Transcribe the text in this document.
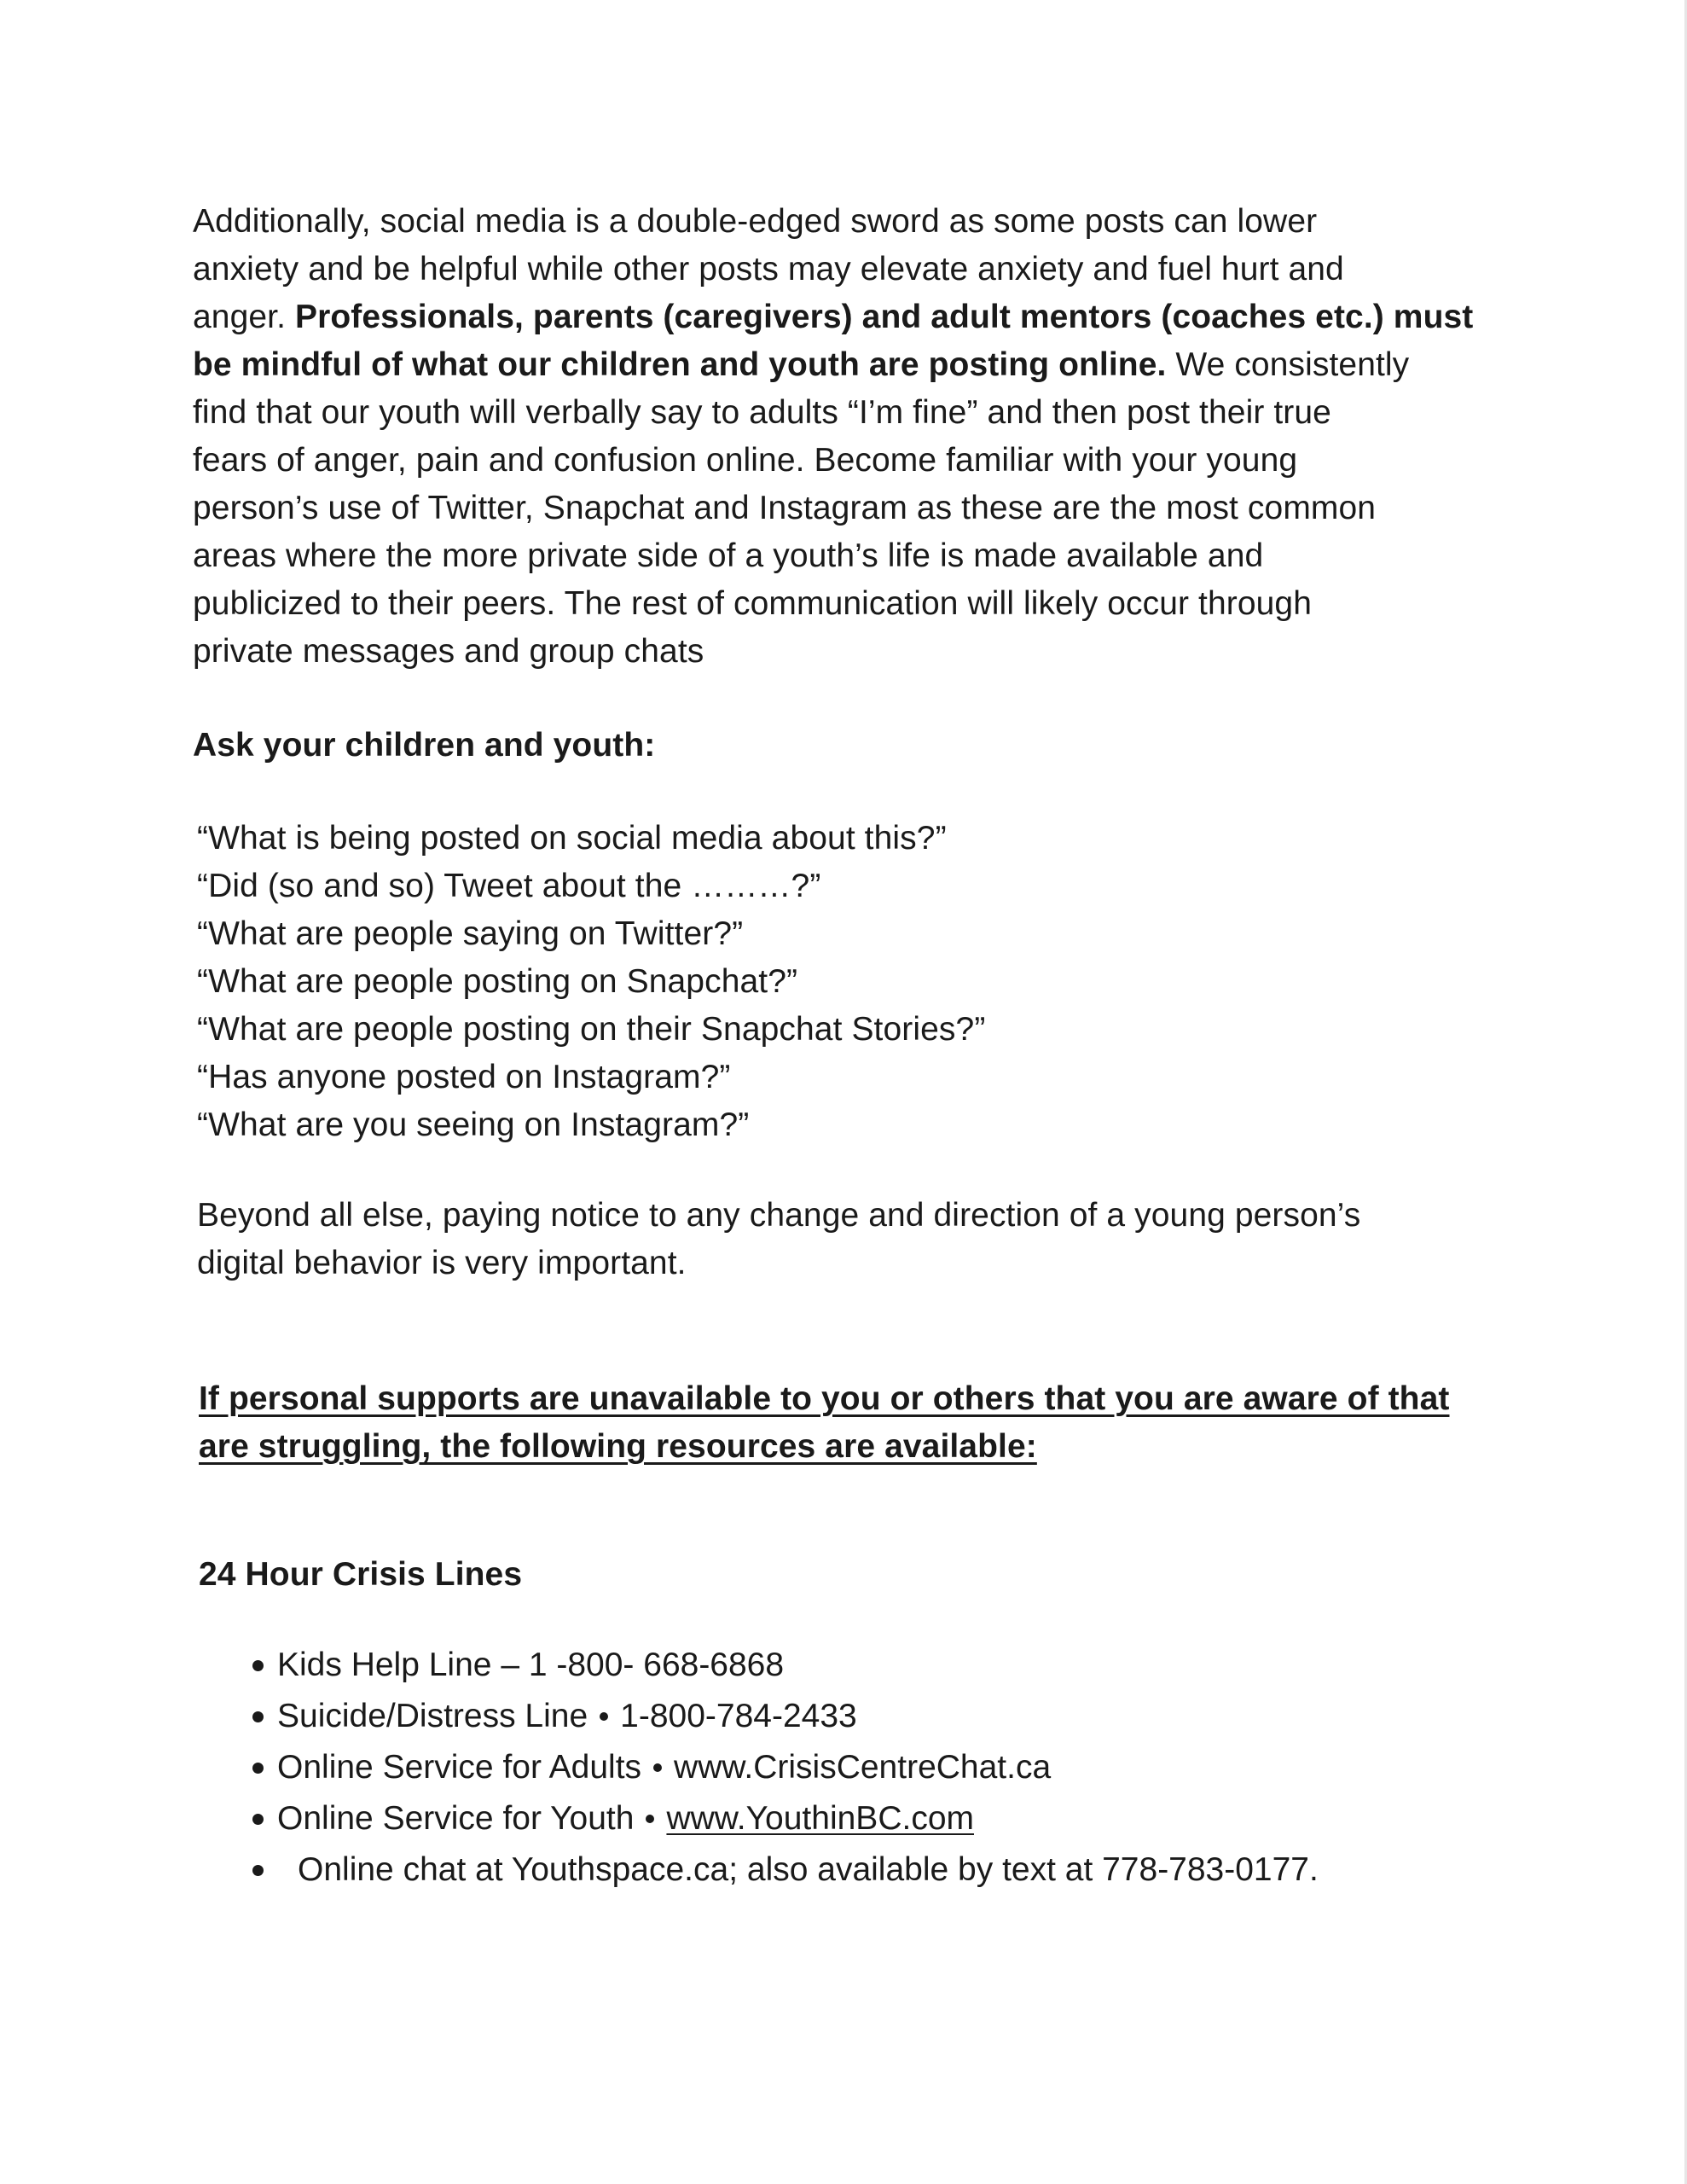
Additionally, social media is a double-edged sword as some posts can lower

anxiety and be helpful while other posts may elevate anxiety and fuel hurt and

anger. Professionals, parents (caregivers) and adult mentors (coaches etc.) must

be mindful of what our children and youth are posting online. We consistently

find that our youth will verbally say to adults “I’m fine” and then post their true

fears of anger, pain and confusion online. Become familiar with your young

person’s use of Twitter, Snapchat and Instagram as these are the most common

areas where the more private side of a youth’s life is made available and

publicized to their peers. The rest of communication will likely occur through

private messages and group chats

Ask your children and youth:
“What is being posted on social media about this?”
“Did (so and so) Tweet about the ………?”
“What are people saying on Twitter?”
“What are people posting on Snapchat?”
“What are people posting on their Snapchat Stories?”
“Has anyone posted on Instagram?”
“What are you seeing on Instagram?”

Beyond all else, paying notice to any change and direction of a young person’s

digital behavior is very important.

If personal supports are unavailable to you or others that you are aware of that

are struggling, the following resources are available:

24 Hour Crisis Lines
Kids Help Line – 1 -800- 668-6868
Suicide/Distress Line 1-800-784-2433
Online Service for Adults www.CrisisCentreChat.ca
Online Service for Youth www.YouthinBC.com
Online chat at Youthspace.ca; also available by text at 778-783-0177.
